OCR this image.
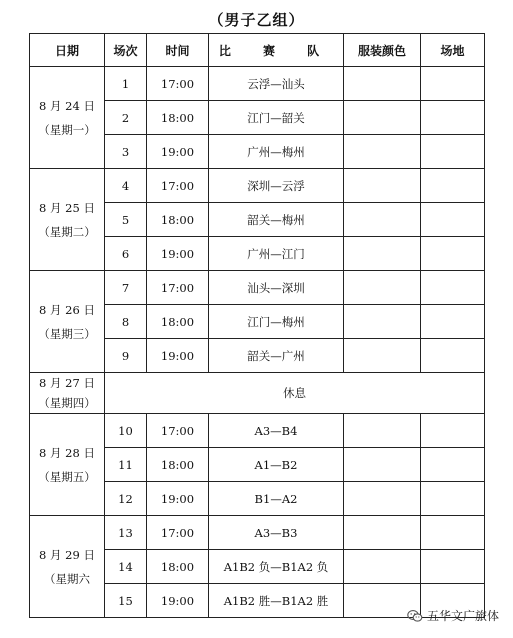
（男子乙组）
日期	场次	时间	比 赛 队	服装颜色	场地

8 月 24 日
（星期一）	1	17:00	云浮—汕头		
	2	18:00	江门—韶关		
	3	19:00	广州—梅州		

8 月 25 日
（星期二）	4	17:00	深圳—云浮		
	5	18:00	韶关—梅州		
	6	19:00	广州—江门		

8 月 26 日
（星期三）	7	17:00	汕头—深圳		
	8	18:00	江门—梅州		
	9	19:00	韶关—广州		

8 月 27 日
（星期四）	休息				

8 月 28 日
（星期五）	10	17:00	A3—B4		
	11	18:00	A1—B2		
	12	19:00	B1—A2		

8 月 29 日
（星期六	13	17:00	A3—B3		
	14	18:00	A1B2 负—B1A2 负		
	15	19:00	A1B2 胜—B1A2 胜		
五华文广旅体
